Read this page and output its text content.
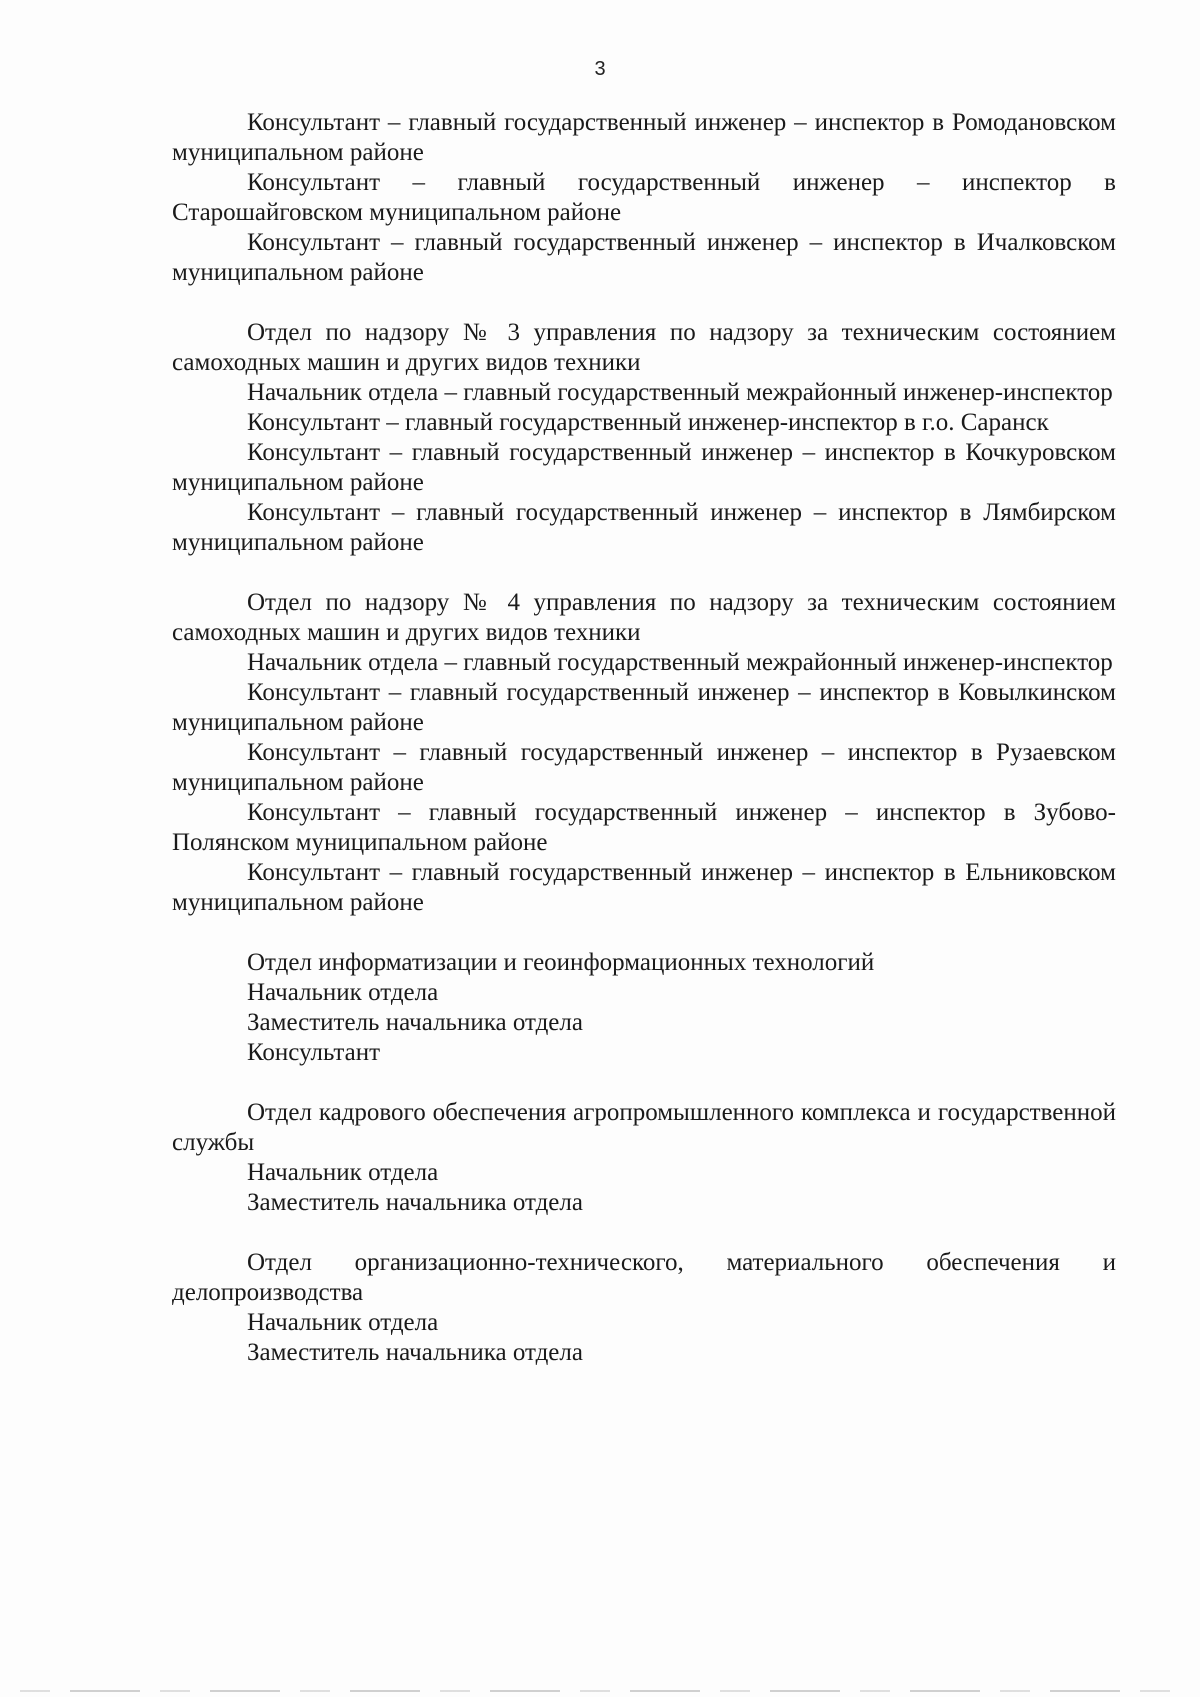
3

Консультант – главный государственный инженер – инспектор в Ромодановском муниципальном районе

Консультант – главный государственный инженер – инспектор в Старошайговском муниципальном районе

Консультант – главный государственный инженер – инспектор в Ичалковском муниципальном районе

Отдел по надзору № 3 управления по надзору за техническим состоянием самоходных машин и других видов техники

Начальник отдела – главный государственный межрайонный инженер-инспектор

Консультант – главный государственный инженер-инспектор в г.о. Саранск

Консультант – главный государственный инженер – инспектор в Кочкуровском муниципальном районе

Консультант – главный государственный инженер – инспектор в Лямбирском муниципальном районе

Отдел по надзору № 4 управления по надзору за техническим состоянием самоходных машин и других видов техники

Начальник отдела – главный государственный межрайонный инженер-инспектор

Консультант – главный государственный инженер – инспектор в Ковылкинском муниципальном районе

Консультант – главный государственный инженер – инспектор в Рузаевском муниципальном районе

Консультант – главный государственный инженер – инспектор в Зубово-Полянском муниципальном районе

Консультант – главный государственный инженер – инспектор в Ельниковском муниципальном районе

Отдел информатизации и геоинформационных технологий

Начальник отдела

Заместитель начальника отдела

Консультант

Отдел кадрового обеспечения агропромышленного комплекса и государственной службы

Начальник отдела

Заместитель начальника отдела

Отдел организационно-технического, материального обеспечения и делопроизводства

Начальник отдела

Заместитель начальника отдела
